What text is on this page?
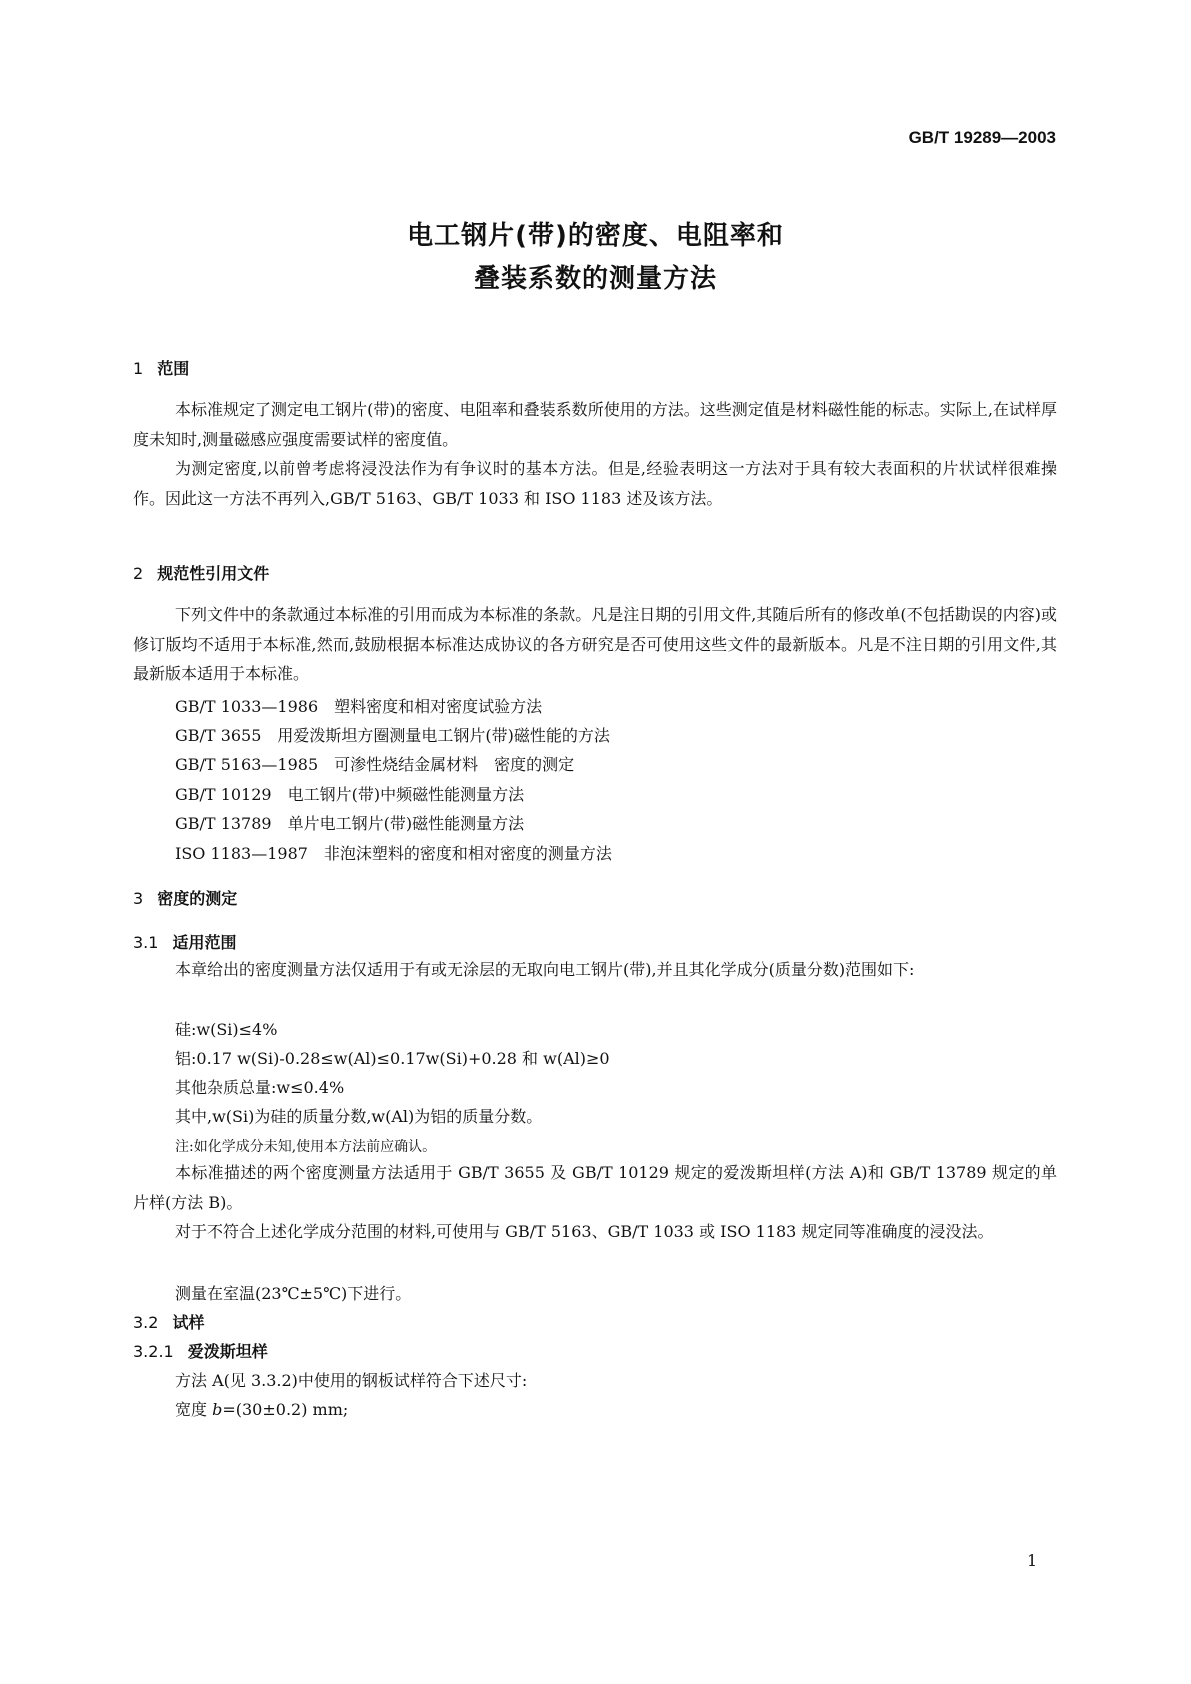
GB/T 19289—2003
电工钢片(带)的密度、电阻率和
叠装系数的测量方法
1 范围

本标准规定了测定电工钢片(带)的密度、电阻率和叠装系数所使用的方法。这些测定值是材料磁性能的标志。实际上,在试样厚度未知时,测量磁感应强度需要试样的密度值。

为测定密度,以前曾考虑将浸没法作为有争议时的基本方法。但是,经验表明这一方法对于具有较大表面积的片状试样很难操作。因此这一方法不再列入,GB/T 5163、GB/T 1033 和 ISO 1183 述及该方法。

2 规范性引用文件

下列文件中的条款通过本标准的引用而成为本标准的条款。凡是注日期的引用文件,其随后所有的修改单(不包括勘误的内容)或修订版均不适用于本标准,然而,鼓励根据本标准达成协议的各方研究是否可使用这些文件的最新版本。凡是不注日期的引用文件,其最新版本适用于本标准。

GB/T 1033—1986 塑料密度和相对密度试验方法
GB/T 3655 用爱泼斯坦方圈测量电工钢片(带)磁性能的方法
GB/T 5163—1985 可渗性烧结金属材料　密度的测定
GB/T 10129 电工钢片(带)中频磁性能测量方法
GB/T 13789 单片电工钢片(带)磁性能测量方法
ISO 1183—1987 非泡沫塑料的密度和相对密度的测量方法
3 密度的测定
3.1 适用范围

本章给出的密度测量方法仅适用于有或无涂层的无取向电工钢片(带),并且其化学成分(质量分数)范围如下:

硅:w(Si)≤4%
铝:0.17 w(Si)-0.28≤w(Al)≤0.17w(Si)+0.28 和 w(Al)≥0
其他杂质总量:w≤0.4%
其中,w(Si)为硅的质量分数,w(Al)为铝的质量分数。
注:如化学成分未知,使用本方法前应确认。

本标准描述的两个密度测量方法适用于 GB/T 3655 及 GB/T 10129 规定的爱泼斯坦样(方法 A)和 GB/T 13789 规定的单片样(方法 B)。

对于不符合上述化学成分范围的材料,可使用与 GB/T 5163、GB/T 1033 或 ISO 1183 规定同等准确度的浸没法。

测量在室温(23℃±5℃)下进行。
3.2 试样
3.2.1 爱泼斯坦样
方法 A(见 3.3.2)中使用的钢板试样符合下述尺寸:
宽度 b=(30±0.2) mm;
1
